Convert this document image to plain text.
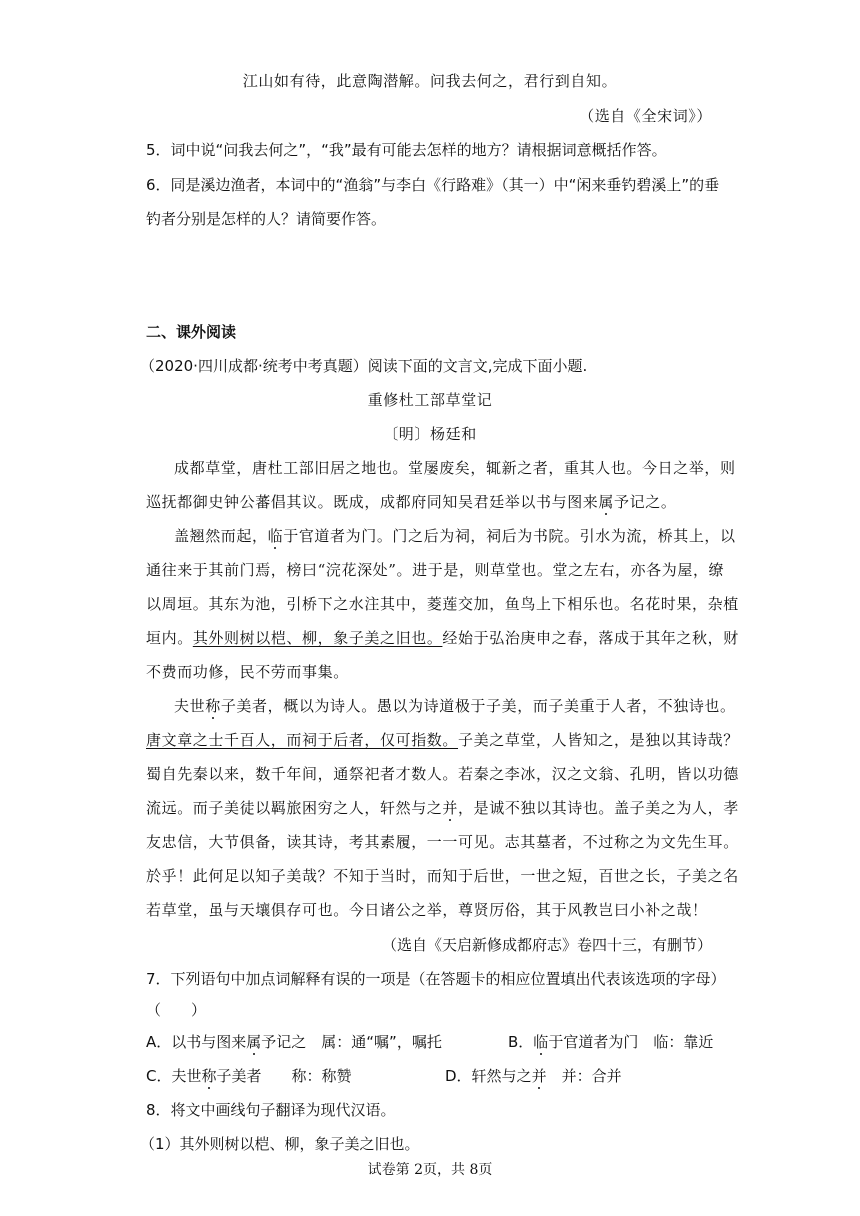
江山如有待，此意陶潜解。问我去何之，君行到自知。
（选自《全宋词》）
5．词中说“问我去何之”，“我”最有可能去怎样的地方？请根据词意概括作答。
6．同是溪边渔者，本词中的“渔翁”与李白《行路难》（其一）中“闲来垂钓碧溪上”的垂
钓者分别是怎样的人？请简要作答。
二、课外阅读
（2020·四川成都·统考中考真题）阅读下面的文言文,完成下面小题.
重修杜工部草堂记
〔明〕杨廷和
成都草堂，唐杜工部旧居之地也。堂屡废矣，辄新之者，重其人也。今日之举，则
巡抚都御史钟公蕃倡其议。既成，成都府同知吴君廷举以书与图来属予记之。
盖翘然而起，临于官道者为门。门之后为祠，祠后为书院。引水为流，桥其上，以
通往来于其前门焉，榜曰“浣花深处”。进于是，则草堂也。堂之左右，亦各为屋，缭
以周垣。其东为池，引桥下之水注其中，菱莲交加，鱼鸟上下相乐也。名花时果，杂植
垣内。其外则树以桤、柳，象子美之旧也。经始于弘治庚申之春，落成于其年之秋，财
不费而功修，民不劳而事集。
夫世称子美者，概以为诗人。愚以为诗道极于子美，而子美重于人者，不独诗也。
唐文章之士千百人，而祠于后者，仅可指数。子美之草堂，人皆知之，是独以其诗哉？
蜀自先秦以来，数千年间，通祭祀者才数人。若秦之李冰，汉之文翁、孔明，皆以功德
流远。而子美徒以羁旅困穷之人，轩然与之并，是诚不独以其诗也。盖子美之为人，孝
友忠信，大节俱备，读其诗，考其素履，一一可见。志其墓者，不过称之为文先生耳。
於乎！此何足以知子美哉？不知于当时，而知于后世，一世之短，百世之长，子美之名
若草堂，虽与天壤俱存可也。今日诸公之举，尊贤厉俗，其于风教岂曰小补之哉！
（选自《天启新修成都府志》卷四十三，有删节）
7．下列语句中加点词解释有误的一项是（在答题卡的相应位置填出代表该选项的字母）
（　　）
A．以书与图来属予记之　属：通“嘱”，嘱托	B．临于官道者为门　临：靠近
C．夫世称子美者　　称：称赞	D．轩然与之并　并：合并
8．将文中画线句子翻译为现代汉语。
（1）其外则树以桤、柳，象子美之旧也。
试卷第 2页，共 8页
